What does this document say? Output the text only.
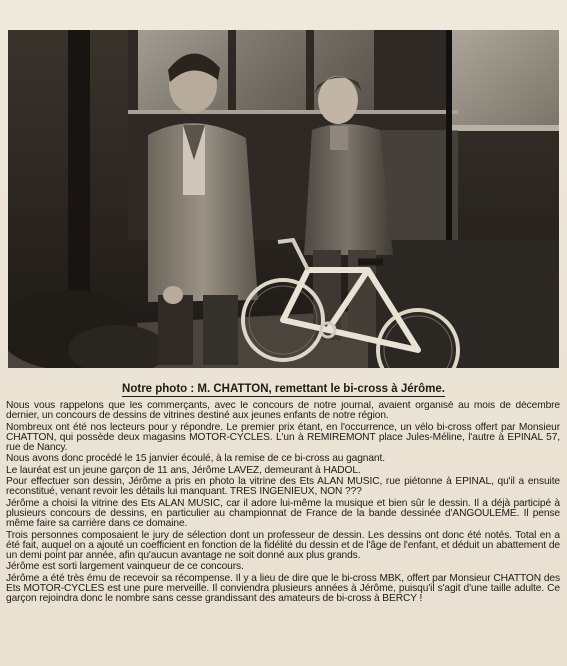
Notre photo : M. CHATTON, remettant le bi-cross à Jérôme.

Nous vous rappelons que les commerçants, avec le concours de notre journal, avaient organisé au mois de décembre dernier, un concours de dessins de vitrines destiné aux jeunes enfants de notre région.

Nombreux ont été nos lecteurs pour y répondre. Le premier prix étant, en l'occurrence, un vélo bi-cross offert par Monsieur CHATTON, qui possède deux magasins MOTOR-CYCLES. L'un à REMIREMONT place Jules-Méline, l'autre à EPINAL 57, rue de Nancy.

Nous avons donc procédé le 15 janvier écoulé, à la remise de ce bi-cross au gagnant.

Le lauréat est un jeune garçon de 11 ans, Jérôme LAVEZ, demeurant à HADOL.

Pour effectuer son dessin, Jérôme a pris en photo la vitrine des Ets ALAN MUSIC, rue piétonne à EPINAL, qu'il a ensuite reconstitué, venant revoir les détails lui manquant. TRES INGENIEUX, NON ???

Jérôme a choisi la vitrine des Ets ALAN MUSIC, car il adore lui-même la musique et bien sûr le dessin. Il a déjà participé à plusieurs concours de dessins, en particulier au championnat de France de la bande dessinée d'ANGOULEME. Il pense même faire sa carrière dans ce domaine.

Trois personnes composaient le jury de sélection dont un professeur de dessin. Les dessins ont donc été notés. Total en a été fait, auquel on a ajouté un coefficient en fonction de la fidélité du dessin et de l'âge de l'enfant, et déduit un abattement de un demi point par année, afin qu'aucun avantage ne soit donné aux plus grands.

Jérôme est sorti largement vainqueur de ce concours.

Jérôme a été très ému de recevoir sa récompense. Il y a lieu de dire que le bi-cross MBK, offert par Monsieur CHATTON des Ets MOTOR-CYCLES est une pure merveille. Il conviendra plusieurs années à Jérôme, puisqu'il s'agit d'une taille adulte. Ce garçon rejoindra donc le nombre sans cesse grandissant des amateurs de bi-cross à BERCY !
